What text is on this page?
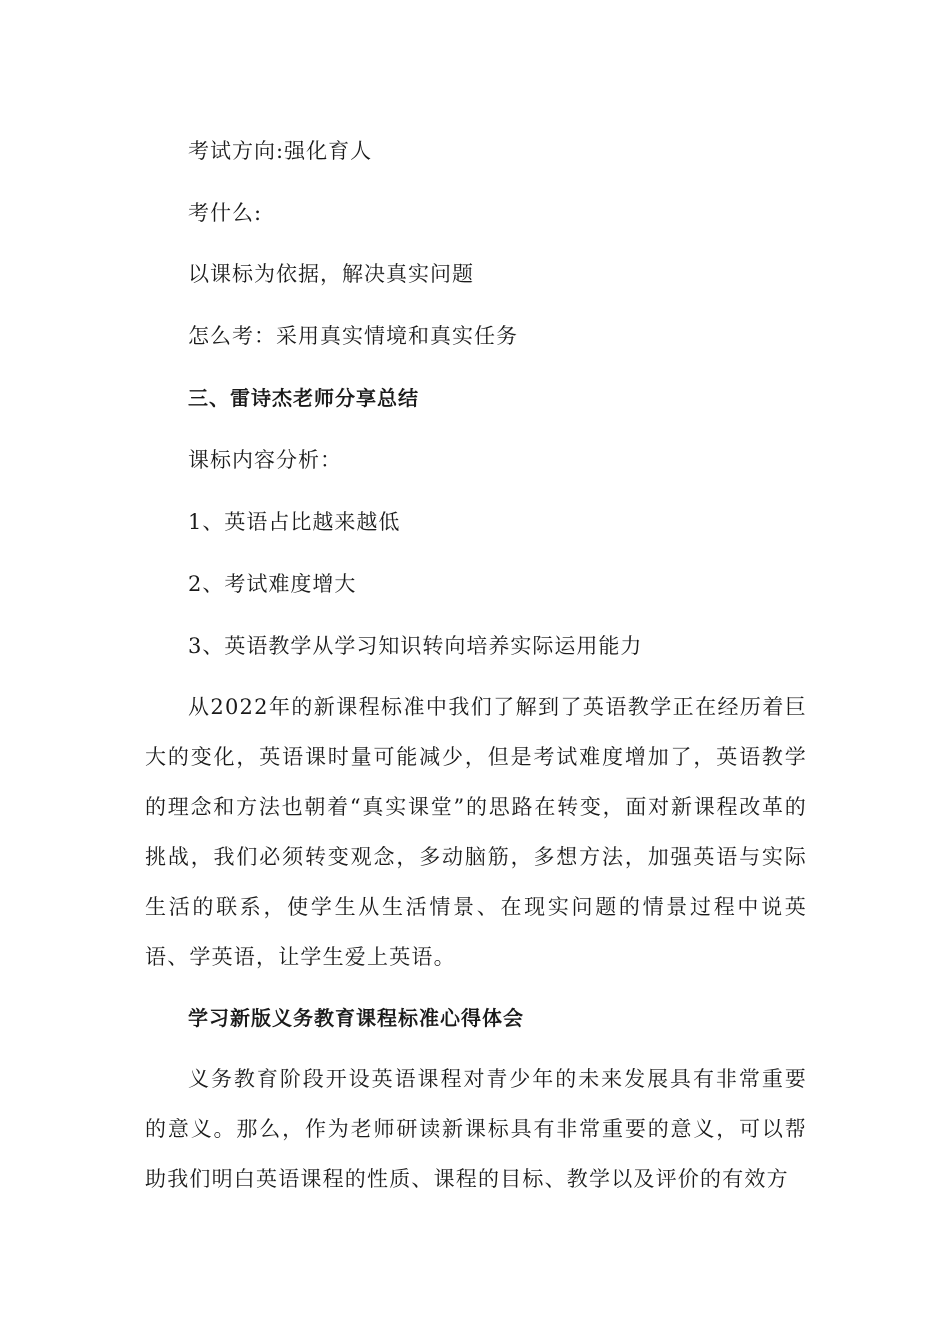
考试方向:强化育人
考什么:
以课标为依据，解决真实问题
怎么考：采用真实情境和真实任务
三、雷诗杰老师分享总结
课标内容分析：
1、英语占比越来越低
2、考试难度增大
3、英语教学从学习知识转向培养实际运用能力

从2022年的新课程标准中我们了解到了英语教学正在经历着巨大的变化，英语课时量可能减少，但是考试难度增加了，英语教学的理念和方法也朝着“真实课堂”的思路在转变，面对新课程改革的挑战，我们必须转变观念，多动脑筋，多想方法，加强英语与实际生活的联系，使学生从生活情景、在现实问题的情景过程中说英语、学英语，让学生爱上英语。

学习新版义务教育课程标准心得体会

义务教育阶段开设英语课程对青少年的未来发展具有非常重要的意义。那么，作为老师研读新课标具有非常重要的意义，可以帮助我们明白英语课程的性质、课程的目标、教学以及评价的有效方
